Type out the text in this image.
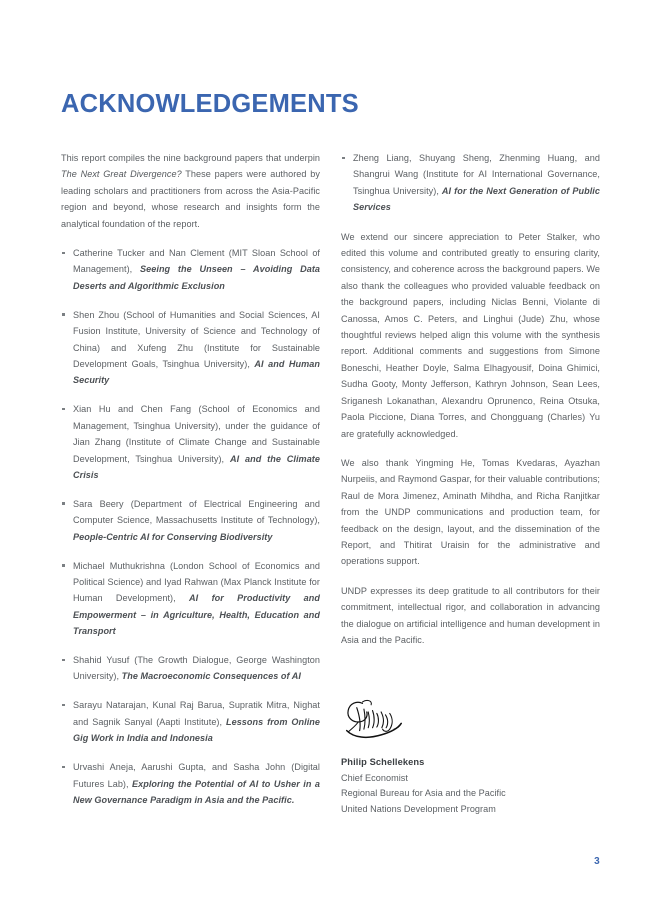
ACKNOWLEDGEMENTS

This report compiles the nine background papers that underpin The Next Great Divergence? These papers were authored by leading scholars and practitioners from across the Asia-Pacific region and beyond, whose research and insights form the analytical foundation of the report.

Catherine Tucker and Nan Clement (MIT Sloan School of Management), Seeing the Unseen – Avoiding Data Deserts and Algorithmic Exclusion
Shen Zhou (School of Humanities and Social Sciences, AI Fusion Institute, University of Science and Technology of China) and Xufeng Zhu (Institute for Sustainable Development Goals, Tsinghua University), AI and Human Security
Xian Hu and Chen Fang (School of Economics and Management, Tsinghua University), under the guidance of Jian Zhang (Institute of Climate Change and Sustainable Development, Tsinghua University), AI and the Climate Crisis
Sara Beery (Department of Electrical Engineering and Computer Science, Massachusetts Institute of Technology), People-Centric AI for Conserving Biodiversity
Michael Muthukrishna (London School of Economics and Political Science) and Iyad Rahwan (Max Planck Institute for Human Development), AI for Productivity and Empowerment – in Agriculture, Health, Education and Transport
Shahid Yusuf (The Growth Dialogue, George Washington University), The Macroeconomic Consequences of AI
Sarayu Natarajan, Kunal Raj Barua, Supratik Mitra, Nighat and Sagnik Sanyal (Aapti Institute), Lessons from Online Gig Work in India and Indonesia
Urvashi Aneja, Aarushi Gupta, and Sasha John (Digital Futures Lab), Exploring the Potential of AI to Usher in a New Governance Paradigm in Asia and the Pacific.
Zheng Liang, Shuyang Sheng, Zhenming Huang, and Shangrui Wang (Institute for AI International Governance, Tsinghua University), AI for the Next Generation of Public Services

We extend our sincere appreciation to Peter Stalker, who edited this volume and contributed greatly to ensuring clarity, consistency, and coherence across the background papers. We also thank the colleagues who provided valuable feedback on the background papers, including Niclas Benni, Violante di Canossa, Amos C. Peters, and Linghui (Jude) Zhu, whose thoughtful reviews helped align this volume with the synthesis report. Additional comments and suggestions from Simone Boneschi, Heather Doyle, Salma Elhagyousif, Doina Ghimici, Sudha Gooty, Monty Jefferson, Kathryn Johnson, Sean Lees, Sriganesh Lokanathan, Alexandru Oprunenco, Reina Otsuka, Paola Piccione, Diana Torres, and Chongguang (Charles) Yu are gratefully acknowledged.

We also thank Yingming He, Tomas Kvedaras, Ayazhan Nurpeiis, and Raymond Gaspar, for their valuable contributions; Raul de Mora Jimenez, Aminath Mihdha, and Richa Ranjitkar from the UNDP communications and production team, for feedback on the design, layout, and the dissemination of the Report, and Thitirat Uraisin for the administrative and operations support.

UNDP expresses its deep gratitude to all contributors for their commitment, intellectual rigor, and collaboration in advancing the dialogue on artificial intelligence and human development in Asia and the Pacific.

Philip Schellekens

Chief Economist

Regional Bureau for Asia and the Pacific

United Nations Development Program

3
